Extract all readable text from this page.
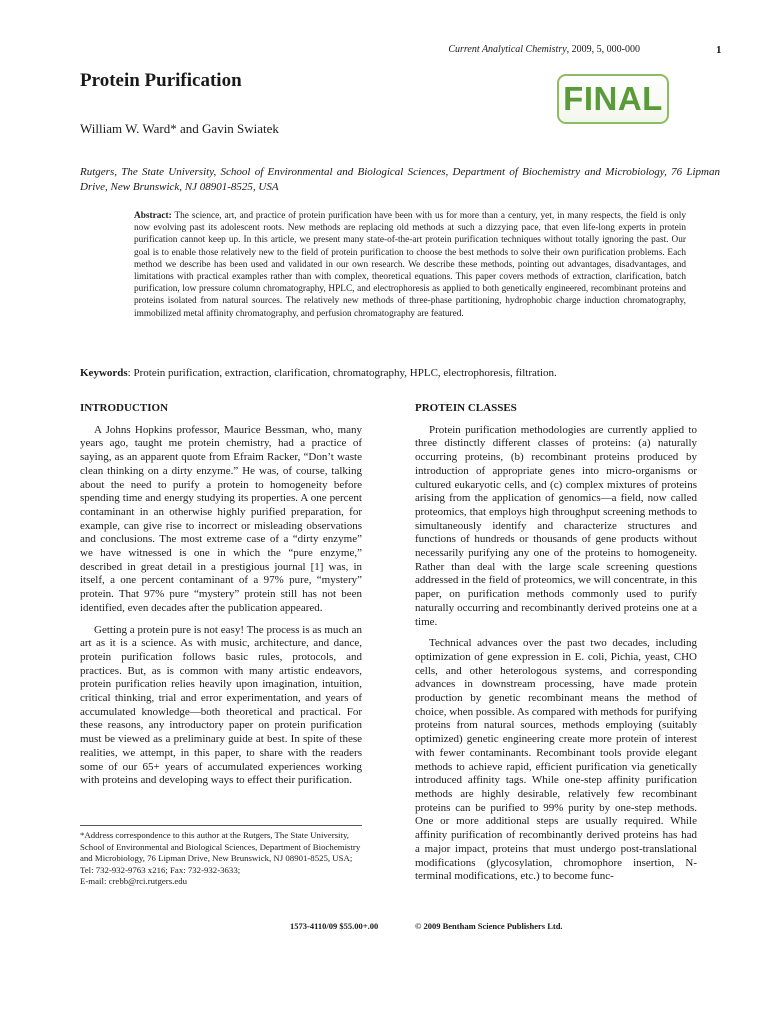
Current Analytical Chemistry, 2009, 5, 000-000	1
Protein Purification	FINAL
William W. Ward* and Gavin Swiatek
Rutgers, The State University, School of Environmental and Biological Sciences, Department of Biochemistry and Microbiology, 76 Lipman Drive, New Brunswick, NJ 08901-8525, USA
Abstract: The science, art, and practice of protein purification have been with us for more than a century, yet, in many respects, the field is only now evolving past its adolescent roots. New methods are replacing old methods at such a dizzying pace, that even life-long experts in protein purification cannot keep up. In this article, we present many state-of-the-art protein purification techniques without totally ignoring the past. Our goal is to enable those relatively new to the field of protein purification to choose the best methods to solve their own purification problems. Each method we describe has been used and validated in our own research. We describe these methods, pointing out advantages, disadvantages, and limitations with practical examples rather than with complex, theoretical equations. This paper covers methods of extraction, clarification, batch purification, low pressure column chromatography, HPLC, and electrophoresis as applied to both genetically engineered, recombinant proteins and proteins isolated from natural sources. The relatively new methods of three-phase partitioning, hydrophobic charge induction chromatography, immobilized metal affinity chromatography, and perfusion chromatography are featured.
Keywords: Protein purification, extraction, clarification, chromatography, HPLC, electrophoresis, filtration.
INTRODUCTION

A Johns Hopkins professor, Maurice Bessman, who, many years ago, taught me protein chemistry, had a practice of saying, as an apparent quote from Efraim Racker, “Don’t waste clean thinking on a dirty enzyme.” He was, of course, talking about the need to purify a protein to homogeneity before spending time and energy studying its properties. A one percent contaminant in an otherwise highly purified preparation, for example, can give rise to incorrect or misleading observations and conclusions. The most extreme case of a “dirty enzyme” we have witnessed is one in which the “pure enzyme,” described in great detail in a prestigious journal [1] was, in itself, a one percent contaminant of a 97% pure, “mystery” protein. That 97% pure “mystery” protein still has not been identified, even decades after the publication appeared.

Getting a protein pure is not easy! The process is as much an art as it is a science. As with music, architecture, and dance, protein purification follows basic rules, protocols, and practices. But, as is common with many artistic endeavors, protein purification relies heavily upon imagination, intuition, critical thinking, trial and error experimentation, and years of accumulated knowledge—both theoretical and practical. For these reasons, any introductory paper on protein purification must be viewed as a preliminary guide at best. In spite of these realities, we attempt, in this paper, to share with the readers some of our 65+ years of accumulated experiences working with proteins and developing ways to effect their purification.

PROTEIN CLASSES

Protein purification methodologies are currently applied to three distinctly different classes of proteins: (a) naturally occurring proteins, (b) recombinant proteins produced by introduction of appropriate genes into micro-organisms or cultured eukaryotic cells, and (c) complex mixtures of proteins arising from the application of genomics—a field, now called proteomics, that employs high throughput screening methods to simultaneously identify and characterize structures and functions of hundreds or thousands of gene products without necessarily purifying any one of the proteins to homogeneity. Rather than deal with the large scale screening questions addressed in the field of proteomics, we will concentrate, in this paper, on purification methods commonly used to purify naturally occurring and recombinantly derived proteins one at a time.

Technical advances over the past two decades, including optimization of gene expression in E. coli, Pichia, yeast, CHO cells, and other heterologous systems, and corresponding advances in downstream processing, have made protein production by genetic recombinant means the method of choice, when possible. As compared with methods for purifying proteins from natural sources, methods employing (suitably optimized) genetic engineering create more protein of interest with fewer contaminants. Recombinant tools provide elegant methods to achieve rapid, efficient purification via genetically introduced affinity tags. While one-step affinity purification methods are highly desirable, relatively few recombinant proteins can be purified to 99% purity by one-step methods. One or more additional steps are usually required. While affinity purification of recombinantly derived proteins has had a major impact, proteins that must undergo post-translational modifications (glycosylation, chromophore insertion, N-terminal modifications, etc.) to become func-

*Address correspondence to this author at the Rutgers, The State University, School of Environmental and Biological Sciences, Department of Biochemistry and Microbiology, 76 Lipman Drive, New Brunswick, NJ 08901-8525, USA; Tel: 732-932-9763 x216; Fax: 732-932-3633;
E-mail: crebb@rci.rutgers.edu
1573-4110/09 $55.00+.00	© 2009 Bentham Science Publishers Ltd.
